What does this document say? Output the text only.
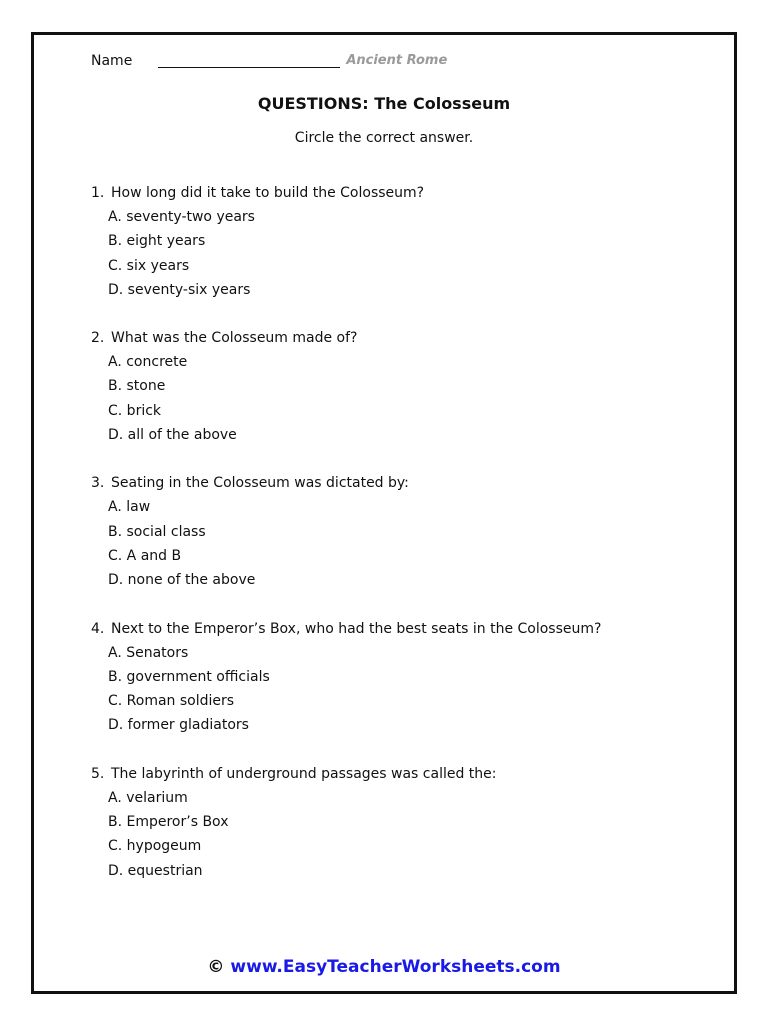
Name	Ancient Rome
QUESTIONS: The Colosseum
Circle the correct answer.
1. How long did it take to build the Colosseum?
A. seventy-two years
B. eight years
C. six years
D. seventy-six years
2. What was the Colosseum made of?
A. concrete
B. stone
C. brick
D. all of the above
3. Seating in the Colosseum was dictated by:
A. law
B. social class
C. A and B
D. none of the above
4. Next to the Emperor’s Box, who had the best seats in the Colosseum?
A. Senators
B. government officials
C. Roman soldiers
D. former gladiators
5. The labyrinth of underground passages was called the:
A. velarium
B. Emperor’s Box
C. hypogeum
D. equestrian
© www.EasyTeacherWorksheets.com
